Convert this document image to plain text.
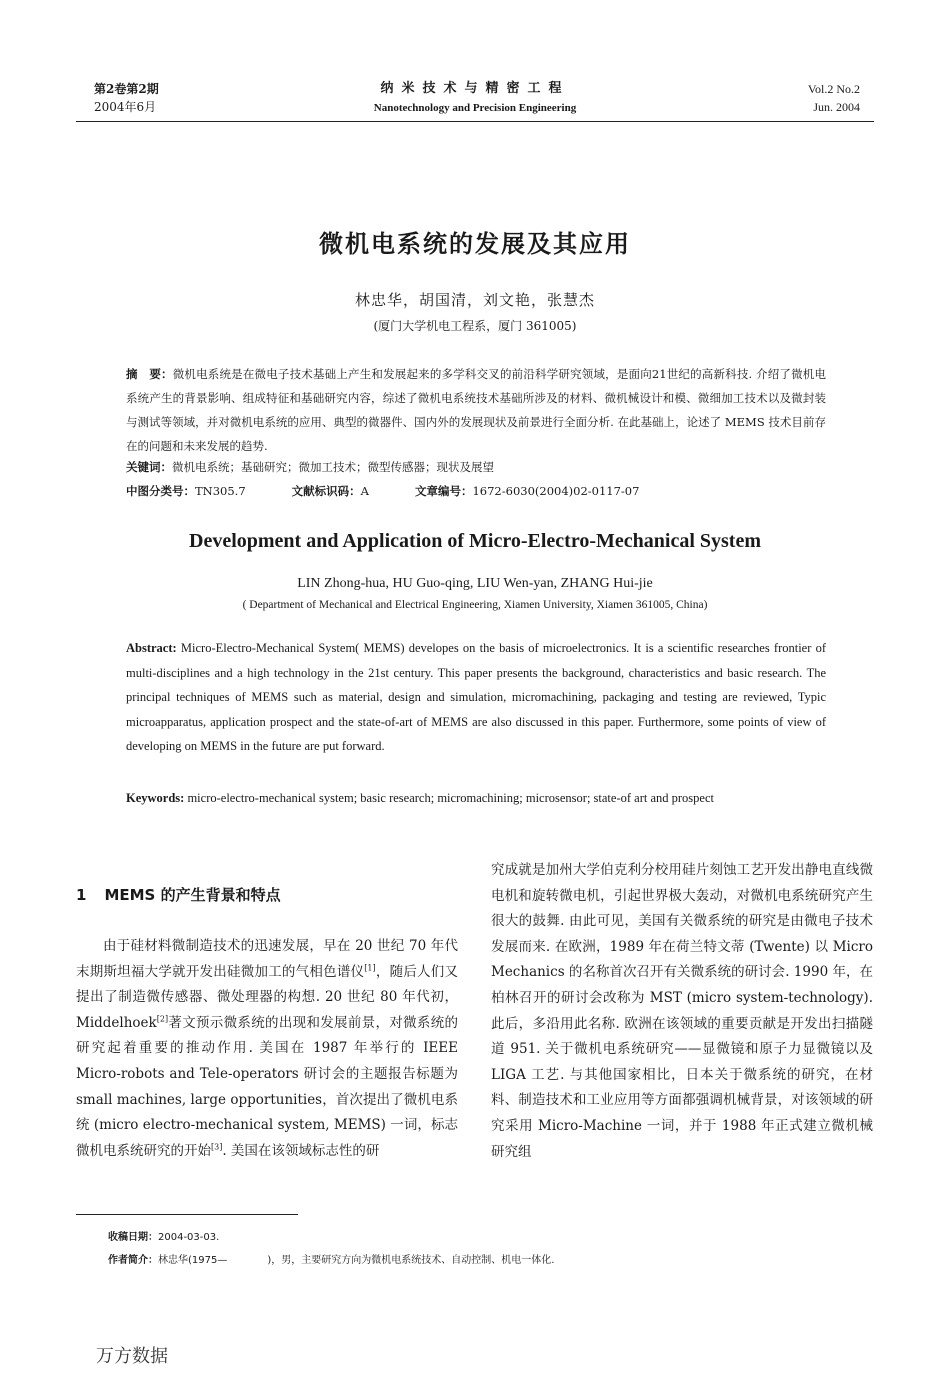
第2卷第2期
2004年6月
纳米技术与精密工程
Nanotechnology and Precision Engineering
Vol.2 No.2
Jun. 2004
微机电系统的发展及其应用
林忠华，胡国清，刘文艳，张慧杰
(厦门大学机电工程系，厦门 361005)
摘　要：微机电系统是在微电子技术基础上产生和发展起来的多学科交叉的前沿科学研究领域，是面向21世纪的高新科技. 介绍了微机电系统产生的背景影响、组成特征和基础研究内容，综述了微机电系统技术基础所涉及的材料、微机械设计和模、微细加工技术以及微封装与测试等领域，并对微机电系统的应用、典型的微器件、国内外的发展现状及前景进行全面分析. 在此基础上，论述了 MEMS 技术目前存在的问题和未来发展的趋势.
关键词：微机电系统；基础研究；微加工技术；微型传感器；现状及展望
中图分类号：TN305.7	文献标识码：A	文章编号：1672-6030(2004)02-0117-07
Development and Application of Micro-Electro-Mechanical System
LIN Zhong-hua, HU Guo-qing, LIU Wen-yan, ZHANG Hui-jie
( Department of Mechanical and Electrical Engineering, Xiamen University, Xiamen 361005, China)
Abstract: Micro-Electro-Mechanical System( MEMS) developes on the basis of microelectronics. It is a scientific researches frontier of multi-disciplines and a high technology in the 21st century. This paper presents the background, characteristics and basic research. The principal techniques of MEMS such as material, design and simulation, micromachining, packaging and testing are reviewed, Typic microapparatus, application prospect and the state-of-art of MEMS are also discussed in this paper. Furthermore, some points of view of developing on MEMS in the future are put forward.
Keywords: micro-electro-mechanical system; basic research; micromachining; microsensor; state-of art and prospect
1 MEMS 的产生背景和特点
由于硅材料微制造技术的迅速发展，早在 20 世纪 70 年代末期斯坦福大学就开发出硅微加工的气相色谱仪[1]，随后人们又提出了制造微传感器、微处理器的构想. 20 世纪 80 年代初，Middelhoek[2]著文预示微系统的出现和发展前景，对微系统的研究起着重要的推动作用. 美国在 1987 年举行的 IEEE Micro-robots and Tele-operators 研讨会的主题报告标题为 small machines, large opportunities，首次提出了微机电系统 (micro electro-mechanical system, MEMS) 一词，标志微机电系统研究的开始[3]. 美国在该领域标志性的研
究成就是加州大学伯克利分校用硅片刻蚀工艺开发出静电直线微电机和旋转微电机，引起世界极大轰动，对微机电系统研究产生很大的鼓舞. 由此可见，美国有关微系统的研究是由微电子技术发展而来. 在欧洲，1989 年在荷兰特文蒂 (Twente) 以 Micro Mechanics 的名称首次召开有关微系统的研讨会. 1990 年，在柏林召开的研讨会改称为 MST (micro system-technology). 此后，多沿用此名称. 欧洲在该领域的重要贡献是开发出扫描隧道 951. 关于微机电系统研究——显微镜和原子力显微镜以及 LIGA 工艺. 与其他国家相比，日本关于微系统的研究，在材料、制造技术和工业应用等方面都强调机械背景，对该领域的研究采用 Micro-Machine 一词，并于 1988 年正式建立微机械研究组
收稿日期：2004-03-03.
作者简介：林忠华(1975—	)，男，主要研究方向为微机电系统技术、自动控制、机电一体化.
万方数据
